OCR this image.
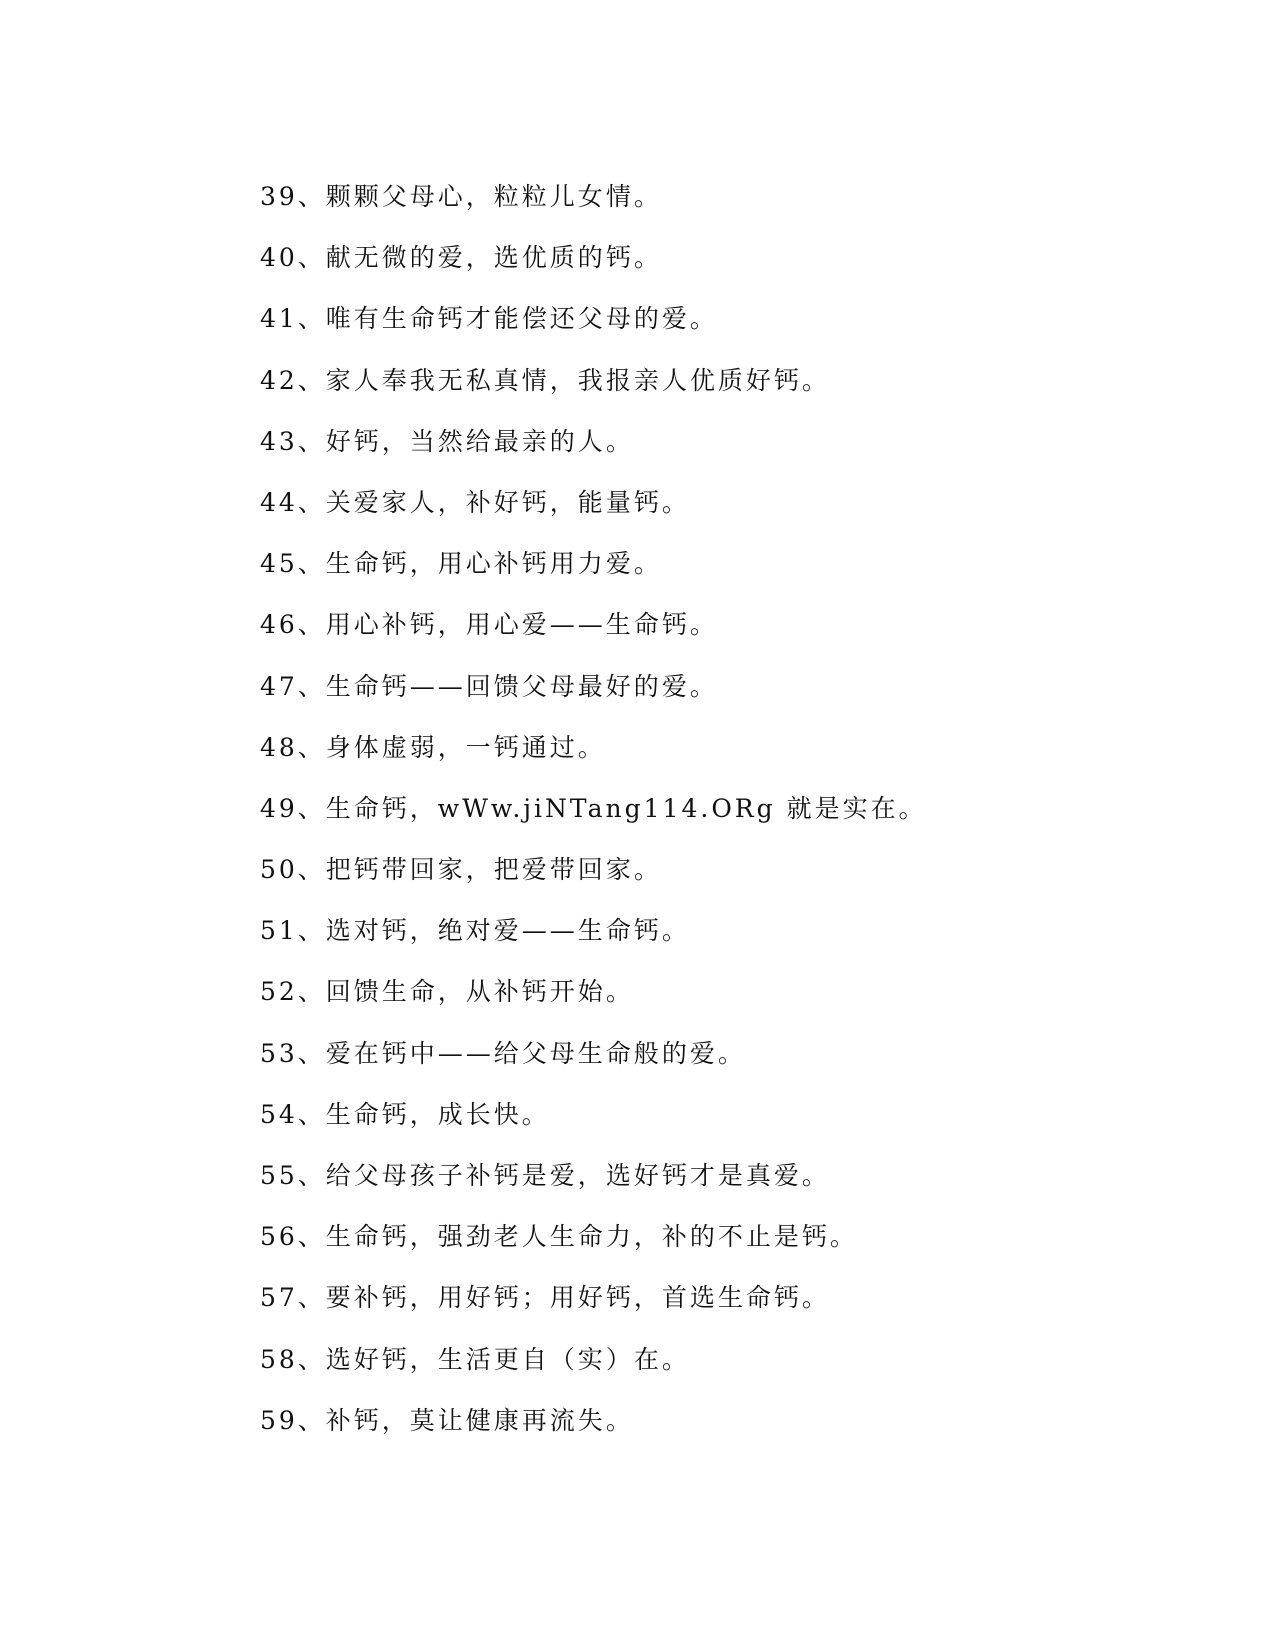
39、颗颗父母心，粒粒儿女情。
40、献无微的爱，选优质的钙。
41、唯有生命钙才能偿还父母的爱。
42、家人奉我无私真情，我报亲人优质好钙。
43、好钙，当然给最亲的人。
44、关爱家人，补好钙，能量钙。
45、生命钙，用心补钙用力爱。
46、用心补钙，用心爱——生命钙。
47、生命钙——回馈父母最好的爱。
48、身体虚弱，一钙通过。
49、生命钙，wWw.jiNTang114.ORg 就是实在。
50、把钙带回家，把爱带回家。
51、选对钙，绝对爱——生命钙。
52、回馈生命，从补钙开始。
53、爱在钙中——给父母生命般的爱。
54、生命钙，成长快。
55、给父母孩子补钙是爱，选好钙才是真爱。
56、生命钙，强劲老人生命力，补的不止是钙。
57、要补钙，用好钙；用好钙，首选生命钙。
58、选好钙，生活更自（实）在。
59、补钙，莫让健康再流失。
